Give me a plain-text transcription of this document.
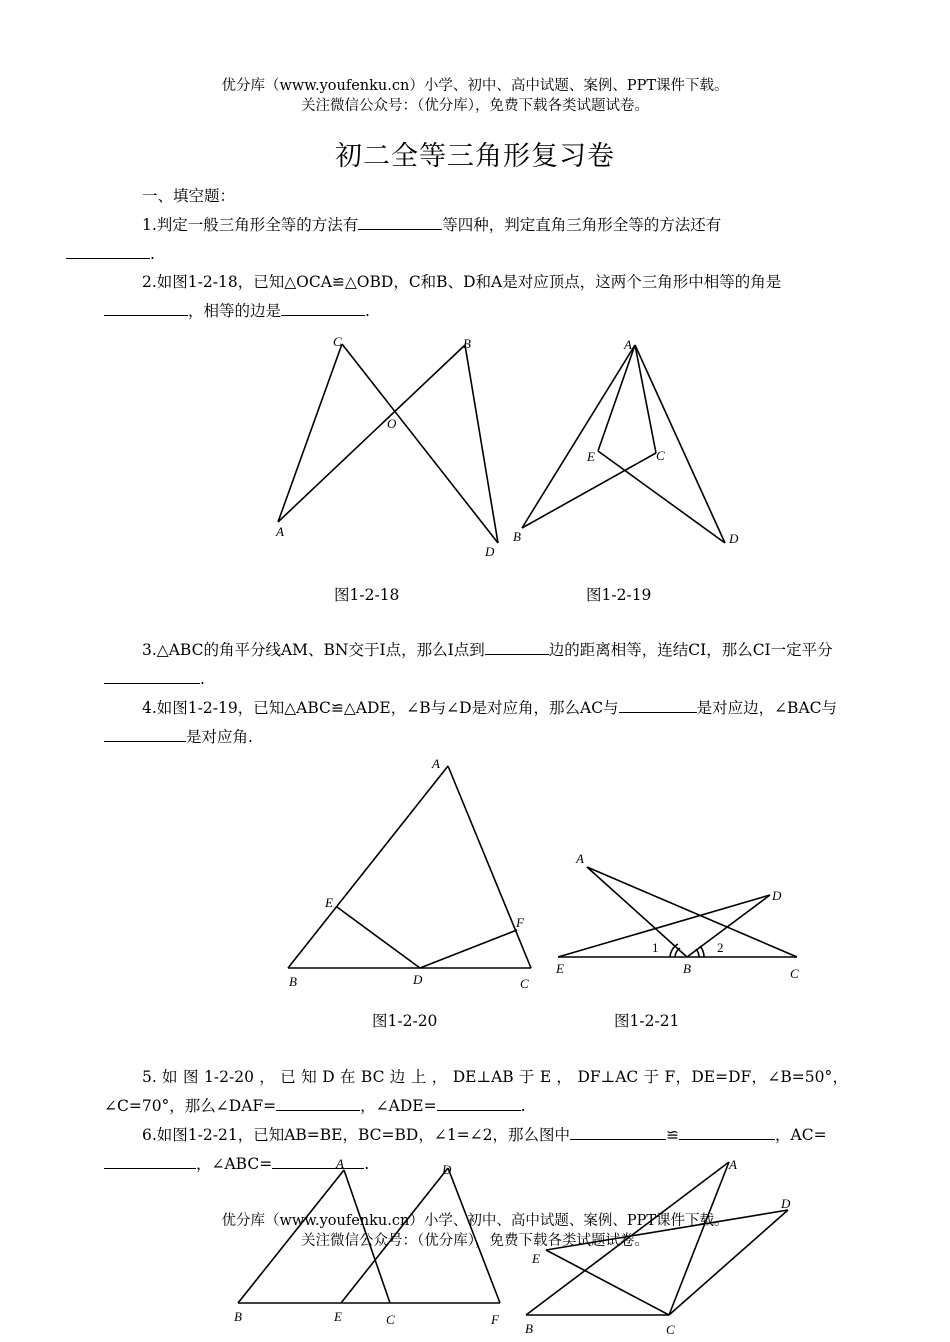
优分库（www.youfenku.cn）小学、初中、高中试题、案例、PPT课件下载。
关注微信公众号：（优分库），免费下载各类试题试卷。
初二全等三角形复习卷
一、填空题：
1.判定一般三角形全等的方法有	等四种，判定直角三角形全等的方法还有
.
2.如图1-2-18，已知△OCA≌△OBD，C和B、D和A是对应顶点，这两个三角形中相等的角是，相等的边是	.
C	B
O
A
D
A
E	C
B	D
图1-2-18	图1-2-19
3.△ABC的角平分线AM、BN交于I点，那么I点到	边的距离相等，连结CI，那么CI一定平分.
4.如图1-2-19，已知△ABC≌△ADE，∠B与∠D是对应角，那么AC与	是对应边，∠BAC与是对应角.
A
E
F
B	D	C
A
D
1	2
E	B	C
图1-2-20	图1-2-21
5. 如 图 1-2-20 ， 已 知 D 在 BC 边 上 ， DE⊥AB 于 E ， DF⊥AC 于 F，DE=DF，∠B=50°，∠C=70°，那么∠DAF=	，∠ADE=	.
6.如图1-2-21，已知AB=BE，BC=BD，∠1=∠2，那么图中	≌	，AC=，∠ABC=	.
A	D
B	E	C	F
A
D
E
B	C
优分库（www.youfenku.cn）小学、初中、高中试题、案例、PPT课件下载。
关注微信公众号：（优分库），免费下载各类试题试卷。
